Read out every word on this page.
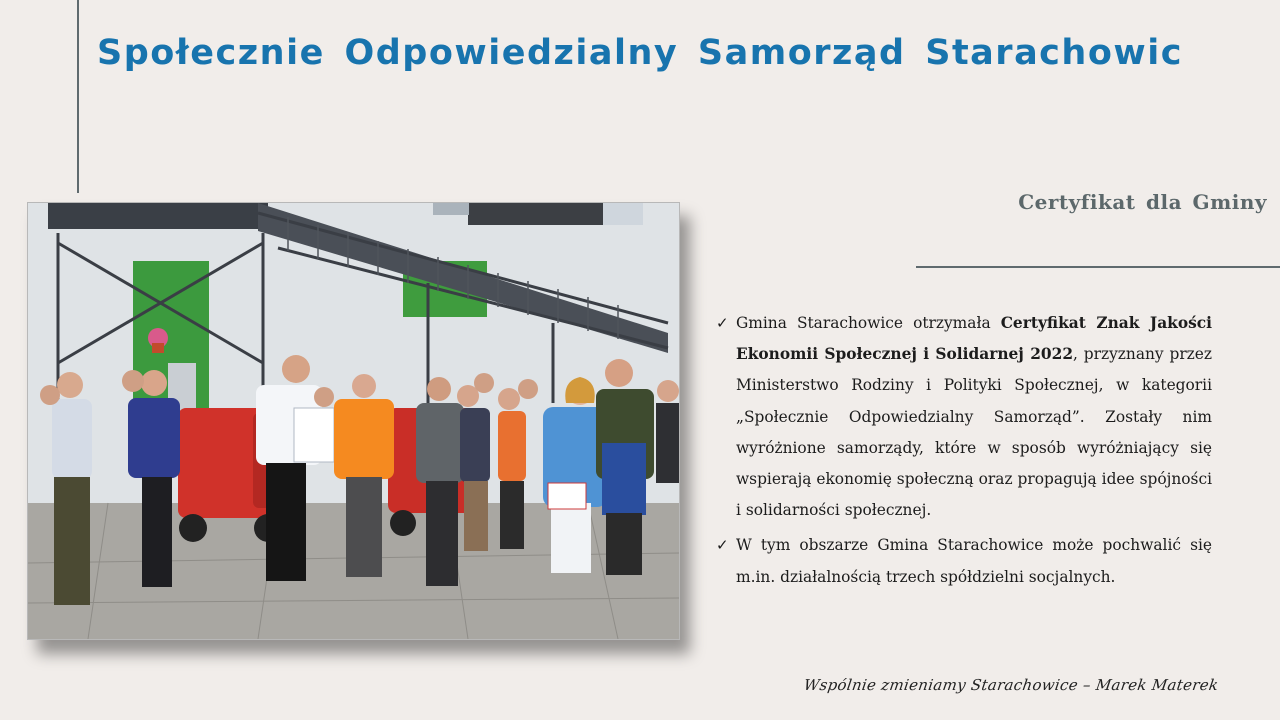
Społecznie Odpowiedzialny Samorząd Starachowic
Certyfikat dla Gminy
✓ Gmina Starachowice otrzymała Certyfikat Znak Jakości Ekonomii Społecznej i Solidarnej 2022, przyznany przez Ministerstwo Rodziny i Polityki Społecznej, w kategorii „Społecznie Odpowiedzialny Samorząd”. Zostały nim wyróżnione samorządy, które w sposób wyróżniający się wspierają ekonomię społeczną oraz propagują idee spójności i solidarności społecznej.
✓ W tym obszarze Gmina Starachowice może pochwalić się m.in. działalnością trzech spółdzielni socjalnych.
Wspólnie zmieniamy Starachowice – Marek Materek
